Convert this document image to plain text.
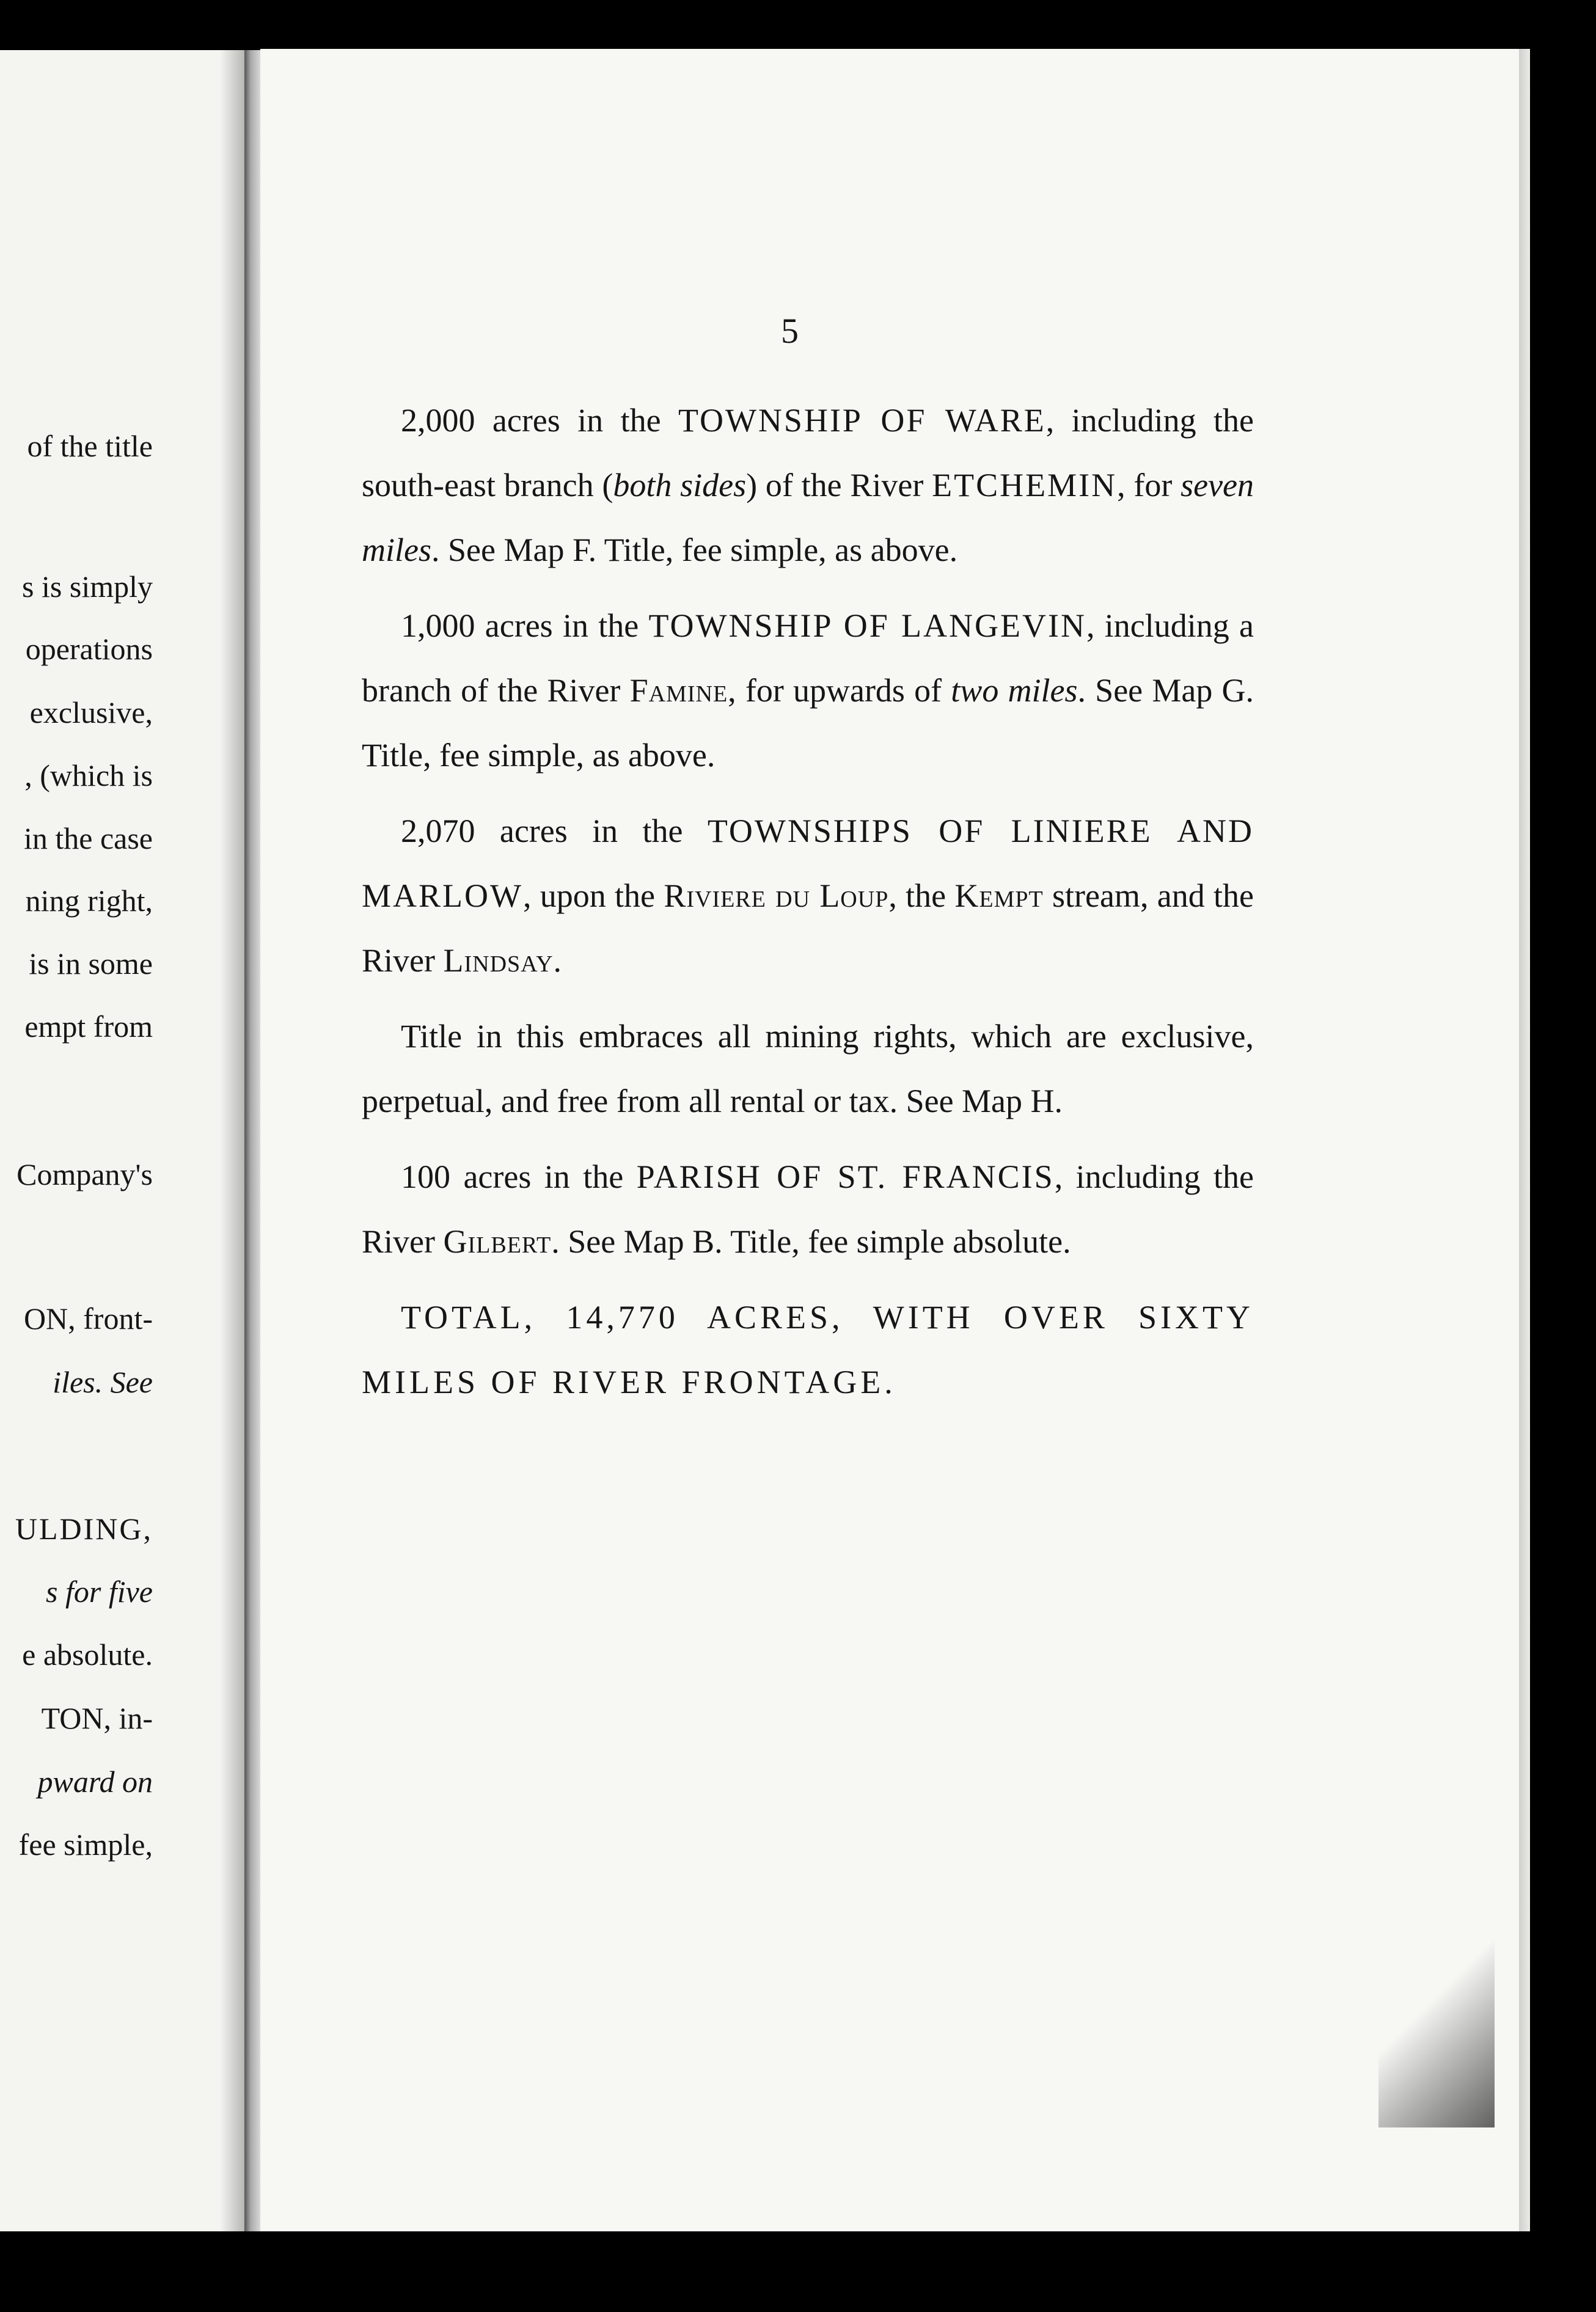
of the title
s is simply
operations
exclusive,
, (which is
in the case
ning right,
is in some
empt from
Company's
ON, front-
iles. See
ULDING,
s for five
e absolute.
TON, in-
pward on
fee simple,
5

2,000 acres in the TOWNSHIP OF WARE, including the south-east branch (both sides) of the River ETCHEMIN, for seven miles. See Map F. Title, fee simple, as above.

1,000 acres in the TOWNSHIP OF LANGEVIN, including a branch of the River Famine, for upwards of two miles. See Map G. Title, fee simple, as above.

2,070 acres in the TOWNSHIPS OF LINIERE AND MARLOW, upon the Riviere du Loup, the Kempt stream, and the River Lindsay.

Title in this embraces all mining rights, which are exclusive, perpetual, and free from all rental or tax. See Map H.

100 acres in the PARISH OF ST. FRANCIS, including the River Gilbert. See Map B. Title, fee simple absolute.

TOTAL, 14,770 ACRES, WITH OVER SIXTY MILES OF RIVER FRONTAGE.
